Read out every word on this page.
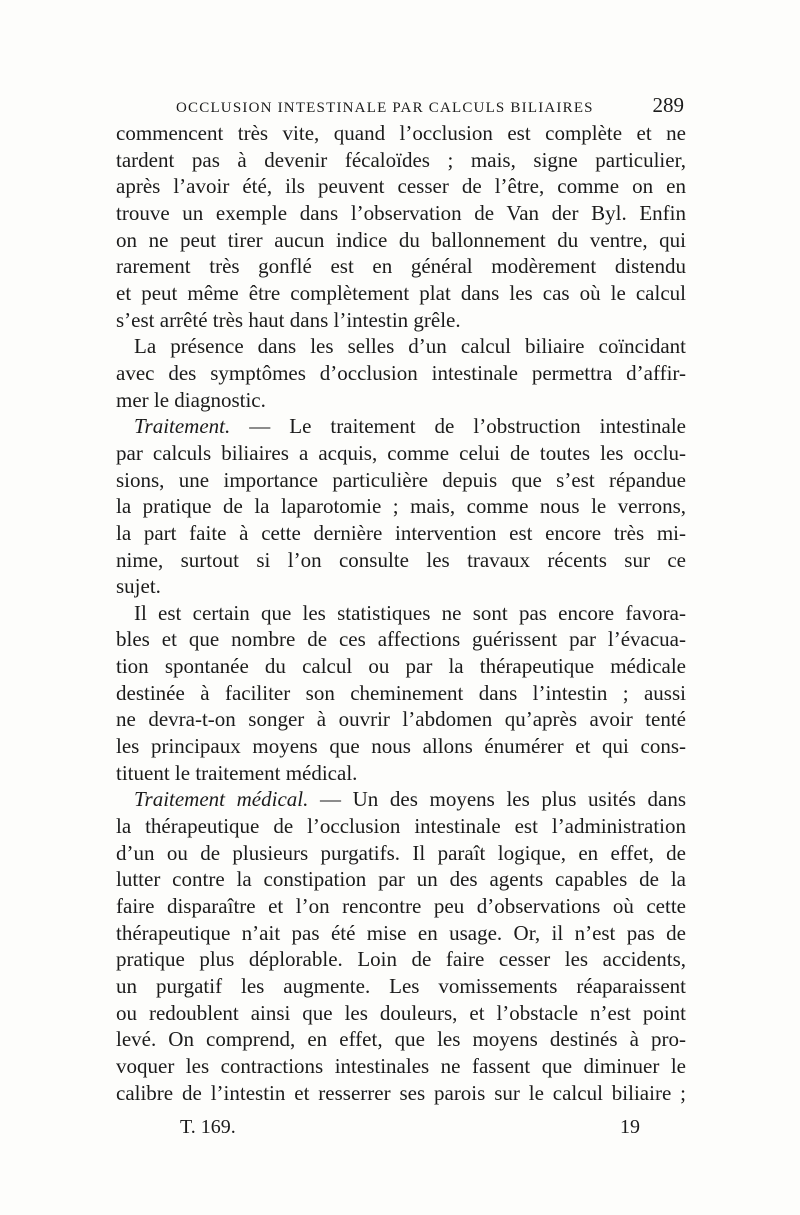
OCCLUSION INTESTINALE PAR CALCULS BILIAIRES	289
commencent très vite, quand l’occlusion est complète et ne
tardent pas à devenir fécaloïdes ; mais, signe particulier,
après l’avoir été, ils peuvent cesser de l’être, comme on en
trouve un exemple dans l’observation de Van der Byl. Enfin
on ne peut tirer aucun indice du ballonnement du ventre, qui
rarement très gonflé est en général modèrement distendu
et peut même être complètement plat dans les cas où le calcul
s’est arrêté très haut dans l’intestin grêle.
La présence dans les selles d’un calcul biliaire coïncidant
avec des symptômes d’occlusion intestinale permettra d’affir-
mer le diagnostic.
Traitement. — Le traitement de l’obstruction intestinale
par calculs biliaires a acquis, comme celui de toutes les occlu-
sions, une importance particulière depuis que s’est répandue
la pratique de la laparotomie ; mais, comme nous le verrons,
la part faite à cette dernière intervention est encore très mi-
nime, surtout si l’on consulte les travaux récents sur ce
sujet.
Il est certain que les statistiques ne sont pas encore favora-
bles et que nombre de ces affections guérissent par l’évacua-
tion spontanée du calcul ou par la thérapeutique médicale
destinée à faciliter son cheminement dans l’intestin ; aussi
ne devra-t-on songer à ouvrir l’abdomen qu’après avoir tenté
les principaux moyens que nous allons énumérer et qui cons-
tituent le traitement médical.
Traitement médical. — Un des moyens les plus usités dans
la thérapeutique de l’occlusion intestinale est l’administration
d’un ou de plusieurs purgatifs. Il paraît logique, en effet, de
lutter contre la constipation par un des agents capables de la
faire disparaître et l’on rencontre peu d’observations où cette
thérapeutique n’ait pas été mise en usage. Or, il n’est pas de
pratique plus déplorable. Loin de faire cesser les accidents,
un purgatif les augmente. Les vomissements réaparaissent
ou redoublent ainsi que les douleurs, et l’obstacle n’est point
levé. On comprend, en effet, que les moyens destinés à pro-
voquer les contractions intestinales ne fassent que diminuer le
calibre de l’intestin et resserrer ses parois sur le calcul biliaire ;
T. 169.	19
